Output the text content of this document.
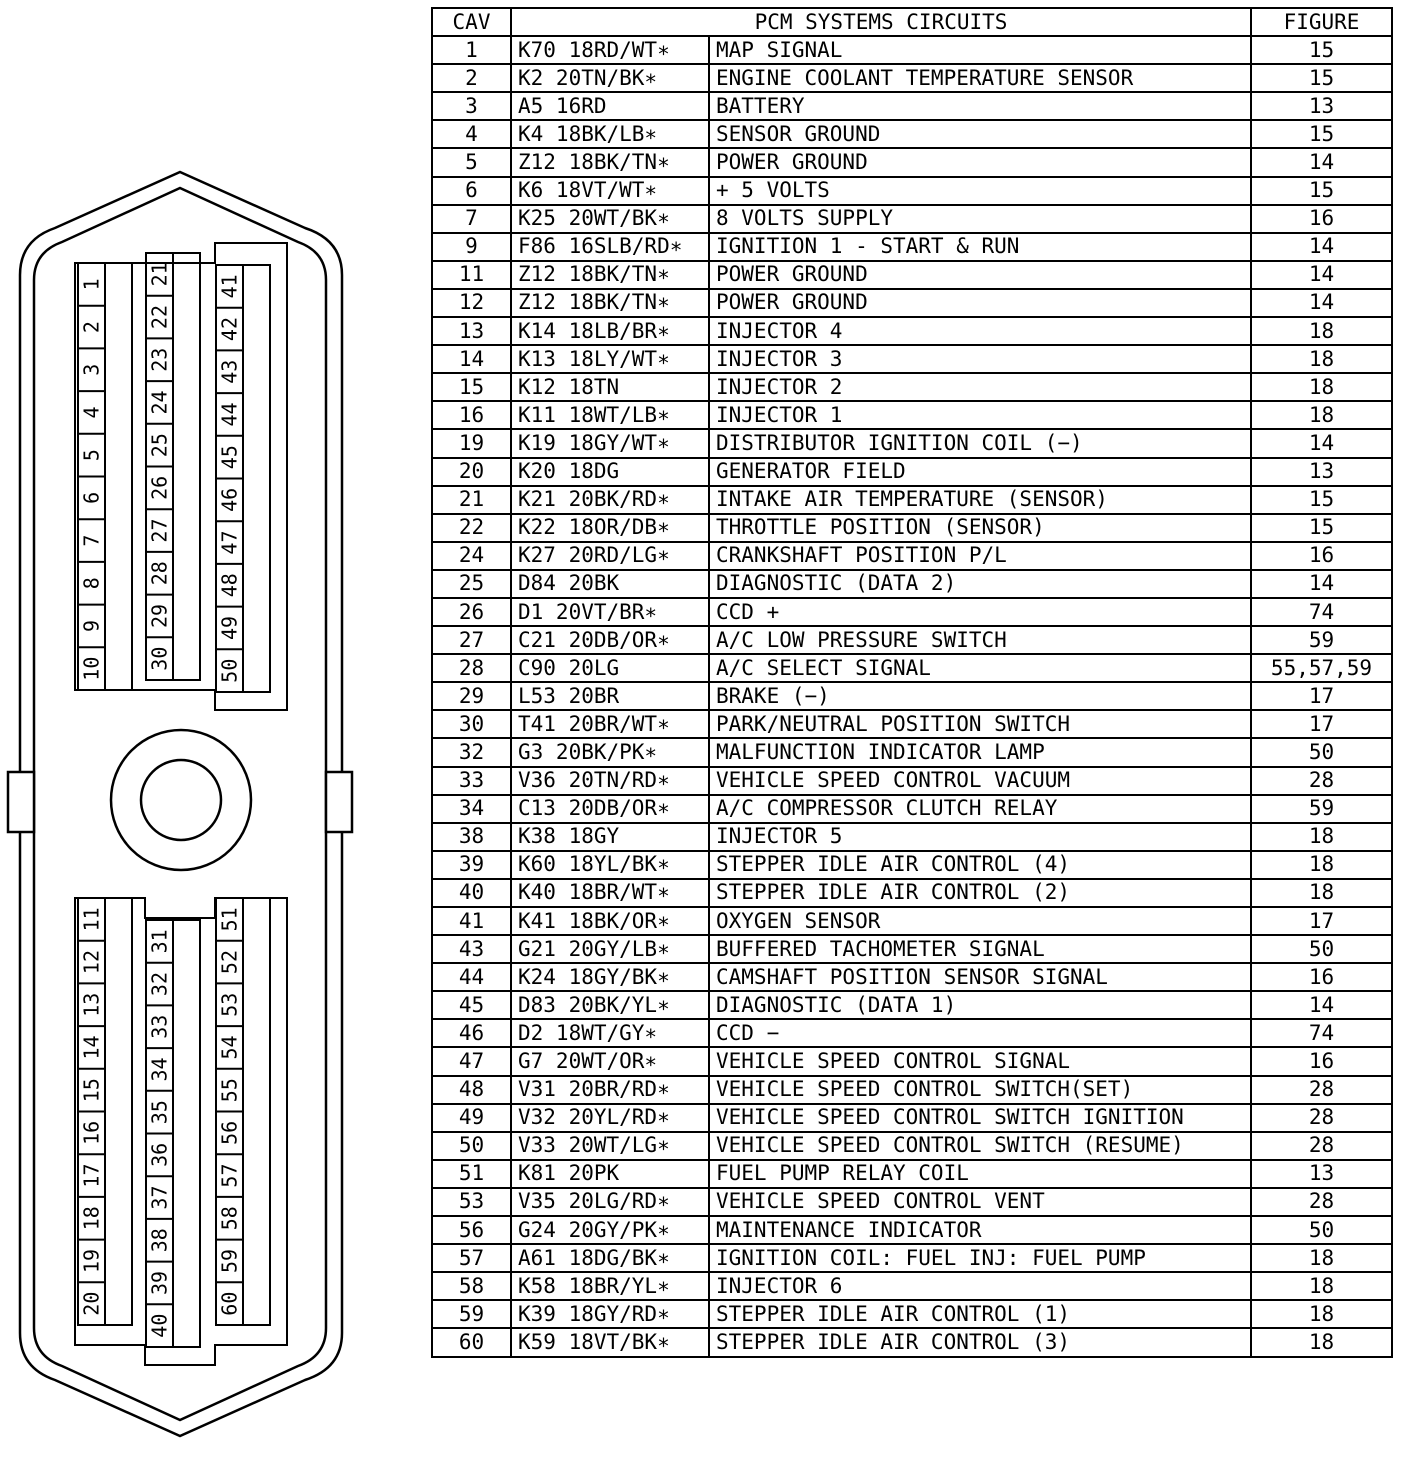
1
2
3
4
5
6
7
8
9
10
21
22
23
24
25
26
27
28
29
30
41
42
43
44
45
46
47
48
49
50
11
12
13
14
15
16
17
18
19
20
31
32
33
34
35
36
37
38
39
40
51
52
53
54
55
56
57
58
59
60
CAV	PCM SYSTEMS CIRCUITS		FIGURE
1	K70 18RD/WT∗	MAP SIGNAL	15
2	K2 20TN/BK∗	ENGINE COOLANT TEMPERATURE SENSOR	15
3	A5 16RD	BATTERY	13
4	K4 18BK/LB∗	SENSOR GROUND	15
5	Z12 18BK/TN∗	POWER GROUND	14
6	K6 18VT/WT∗	+ 5 VOLTS	15
7	K25 20WT/BK∗	8 VOLTS SUPPLY	16
9	F86 16SLB/RD∗	IGNITION 1 - START & RUN	14
11	Z12 18BK/TN∗	POWER GROUND	14
12	Z12 18BK/TN∗	POWER GROUND	14
13	K14 18LB/BR∗	INJECTOR 4	18
14	K13 18LY/WT∗	INJECTOR 3	18
15	K12 18TN	INJECTOR 2	18
16	K11 18WT/LB∗	INJECTOR 1	18
19	K19 18GY/WT∗	DISTRIBUTOR IGNITION COIL (−)	14
20	K20 18DG	GENERATOR FIELD	13
21	K21 20BK/RD∗	INTAKE AIR TEMPERATURE (SENSOR)	15
22	K22 18OR/DB∗	THROTTLE POSITION (SENSOR)	15
24	K27 20RD/LG∗	CRANKSHAFT POSITION P/L	16
25	D84 20BK	DIAGNOSTIC (DATA 2)	14
26	D1 20VT/BR∗	CCD +	74
27	C21 20DB/OR∗	A/C LOW PRESSURE SWITCH	59
28	C90 20LG	A/C SELECT SIGNAL	55,57,59
29	L53 20BR	BRAKE (−)	17
30	T41 20BR/WT∗	PARK/NEUTRAL POSITION SWITCH	17
32	G3 20BK/PK∗	MALFUNCTION INDICATOR LAMP	50
33	V36 20TN/RD∗	VEHICLE SPEED CONTROL VACUUM	28
34	C13 20DB/OR∗	A/C COMPRESSOR CLUTCH RELAY	59
38	K38 18GY	INJECTOR 5	18
39	K60 18YL/BK∗	STEPPER IDLE AIR CONTROL (4)	18
40	K40 18BR/WT∗	STEPPER IDLE AIR CONTROL (2)	18
41	K41 18BK/OR∗	OXYGEN SENSOR	17
43	G21 20GY/LB∗	BUFFERED TACHOMETER SIGNAL	50
44	K24 18GY/BK∗	CAMSHAFT POSITION SENSOR SIGNAL	16
45	D83 20BK/YL∗	DIAGNOSTIC (DATA 1)	14
46	D2 18WT/GY∗	CCD −	74
47	G7 20WT/OR∗	VEHICLE SPEED CONTROL SIGNAL	16
48	V31 20BR/RD∗	VEHICLE SPEED CONTROL SWITCH(SET)	28
49	V32 20YL/RD∗	VEHICLE SPEED CONTROL SWITCH IGNITION	28
50	V33 20WT/LG∗	VEHICLE SPEED CONTROL SWITCH (RESUME)	28
51	K81 20PK	FUEL PUMP RELAY COIL	13
53	V35 20LG/RD∗	VEHICLE SPEED CONTROL VENT	28
56	G24 20GY/PK∗	MAINTENANCE INDICATOR	50
57	A61 18DG/BK∗	IGNITION COIL: FUEL INJ: FUEL PUMP	18
58	K58 18BR/YL∗	INJECTOR 6	18
59	K39 18GY/RD∗	STEPPER IDLE AIR CONTROL (1)	18
60	K59 18VT/BK∗	STEPPER IDLE AIR CONTROL (3)	18
